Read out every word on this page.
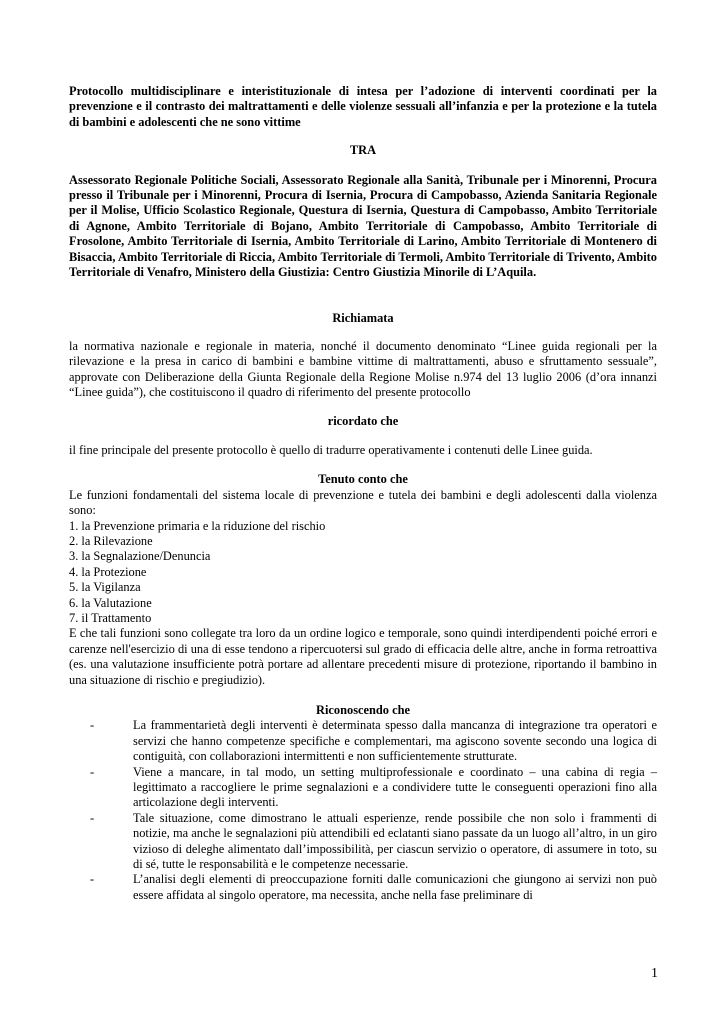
Protocollo multidisciplinare e interistituzionale di intesa per l’adozione di interventi coordinati per la prevenzione e il contrasto dei maltrattamenti e delle violenze sessuali all’infanzia e per la protezione e la tutela di bambini e adolescenti che ne sono vittime

TRA

Assessorato Regionale Politiche Sociali, Assessorato Regionale alla Sanità, Tribunale per i Minorenni, Procura presso il Tribunale per i Minorenni, Procura di Isernia, Procura di Campobasso, Azienda Sanitaria Regionale per il Molise, Ufficio Scolastico Regionale, Questura di Isernia, Questura di Campobasso, Ambito Territoriale di Agnone, Ambito Territoriale di Bojano, Ambito Territoriale di Campobasso, Ambito Territoriale di Frosolone, Ambito Territoriale di Isernia, Ambito Territoriale di Larino, Ambito Territoriale di Montenero di Bisaccia, Ambito Territoriale di Riccia, Ambito Territoriale di Termoli, Ambito Territoriale di Trivento, Ambito Territoriale di Venafro, Ministero della Giustizia: Centro Giustizia Minorile di L’Aquila.

Richiamata

la normativa nazionale e regionale in materia, nonché il documento denominato “Linee guida regionali per la rilevazione e la presa in carico di bambini e bambine vittime di maltrattamenti, abuso e sfruttamento sessuale”, approvate con Deliberazione della Giunta Regionale della Regione Molise n.974 del 13 luglio 2006 (d’ora innanzi “Linee guida”), che costituiscono il quadro di riferimento del presente protocollo

ricordato che

il fine principale del presente protocollo è quello di tradurre operativamente i contenuti delle Linee guida.

Tenuto conto che

Le funzioni fondamentali del sistema locale di prevenzione e tutela dei bambini e degli adolescenti dalla violenza sono:

1. la Prevenzione primaria e la riduzione del rischio
2. la Rilevazione
3. la Segnalazione/Denuncia
4. la Protezione
5. la Vigilanza
6. la Valutazione
7. il Trattamento

E che tali funzioni sono collegate tra loro da un ordine logico e temporale, sono quindi interdipendenti poiché errori e carenze nell'esercizio di una di esse tendono a ripercuotersi sul grado di efficacia delle altre, anche in forma retroattiva (es. una valutazione insufficiente potrà portare ad allentare precedenti misure di protezione, riportando il bambino in una situazione di rischio e pregiudizio).

Riconoscendo che

-	La frammentarietà degli interventi è determinata spesso dalla mancanza di integrazione tra operatori e servizi che hanno competenze specifiche e complementari, ma agiscono sovente secondo una logica di contiguità, con collaborazioni intermittenti e non sufficientemente strutturate.
-	Viene a mancare, in tal modo, un setting multiprofessionale e coordinato – una cabina di regia – legittimato a raccogliere le prime segnalazioni e a condividere tutte le conseguenti operazioni fino alla articolazione degli interventi.
-	Tale situazione, come dimostrano le attuali esperienze, rende possibile che non solo i frammenti di notizie, ma anche le segnalazioni più attendibili ed eclatanti siano passate da un luogo all’altro, in un giro vizioso di deleghe alimentato dall’impossibilità, per ciascun servizio o operatore, di assumere in toto, su di sé, tutte le responsabilità e le competenze necessarie.
-	L’analisi degli elementi di preoccupazione forniti dalle comunicazioni che giungono ai servizi non può essere affidata al singolo operatore, ma necessita, anche nella fase preliminare di
1
